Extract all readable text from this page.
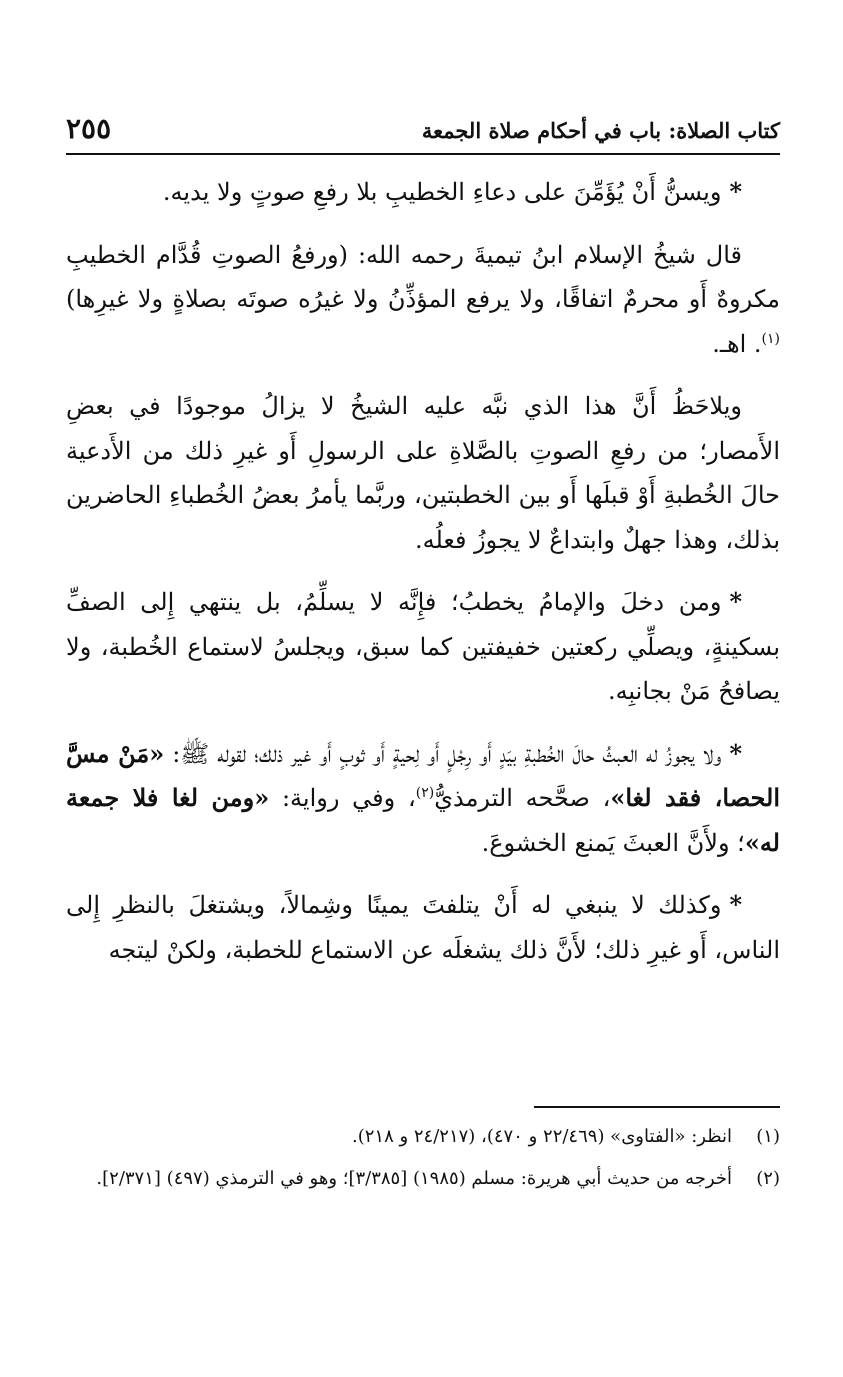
كتاب الصلاة: باب في أحكام صلاة الجمعة
٢٥٥

*ويسنُّ أَنْ يُؤَمِّنَ على دعاءِ الخطيبِ بلا رفعِ صوتٍ ولا يديه.

قال شيخُ الإسلام ابنُ تيميةَ رحمه الله: (ورفعُ الصوتِ قُدَّام الخطيبِ مكروهٌ أَو محرمٌ اتفاقًا، ولا يرفع المؤذِّنُ ولا غيرُه صوتَه بصلاةٍ ولا غيرِها)$^{(١)}$. اهـ.

ويلاحَظُ أَنَّ هذا الذي نبَّه عليه الشيخُ لا يزالُ موجودًا في بعضِ الأَمصار؛ من رفعِ الصوتِ بالصَّلاةِ على الرسولِ أَو غيرِ ذلك من الأَدعية حالَ الخُطبةِ أَوْ قبلَها أَو بين الخطبتين، وربَّما يأمرُ بعضُ الخُطباءِ الحاضرين بذلك، وهذا جهلٌ وابتداعٌ لا يجوزُ فعلُه.

*ومن دخلَ والإمامُ يخطبُ؛ فإِنَّه لا يسلِّمُ، بل ينتهي إِلى الصفِّ بسكينةٍ، ويصلِّي ركعتين خفيفتين كما سبق، ويجلسُ لاستماع الخُطبة، ولا يصافحُ مَنْ بجانبِه.

*ولا يجوزُ له العبثُ حالَ الخُطبةِ بيَدٍ أَو رِجْلٍ أَو لِحيةٍ أَو ثوبٍ أَو غير ذلك؛ لقوله ﷺ: «مَنْ مسَّ الحصا، فقد لغا»، صحَّحه الترمذيُّ$^{(٢)}$، وفي رواية: «ومن لغا فلا جمعة له»؛ ولأَنَّ العبثَ يَمنع الخشوعَ.

*وكذلك لا ينبغي له أَنْ يتلفتَ يمينًا وشِمالاً، ويشتغلَ بالنظرِ إِلى الناس، أَو غيرِ ذلك؛ لأَنَّ ذلك يشغلَه عن الاستماع للخطبة، ولكنْ ليتجه

(١)انظر: «الفتاوى» (٢٢/٤٦٩ و ٤٧٠)، (٢٤/٢١٧ و ٢١٨).

(٢)أخرجه من حديث أبي هريرة: مسلم (١٩٨٥) [٣/٣٨٥]؛ وهو في الترمذي (٤٩٧) [٢/٣٧١].
